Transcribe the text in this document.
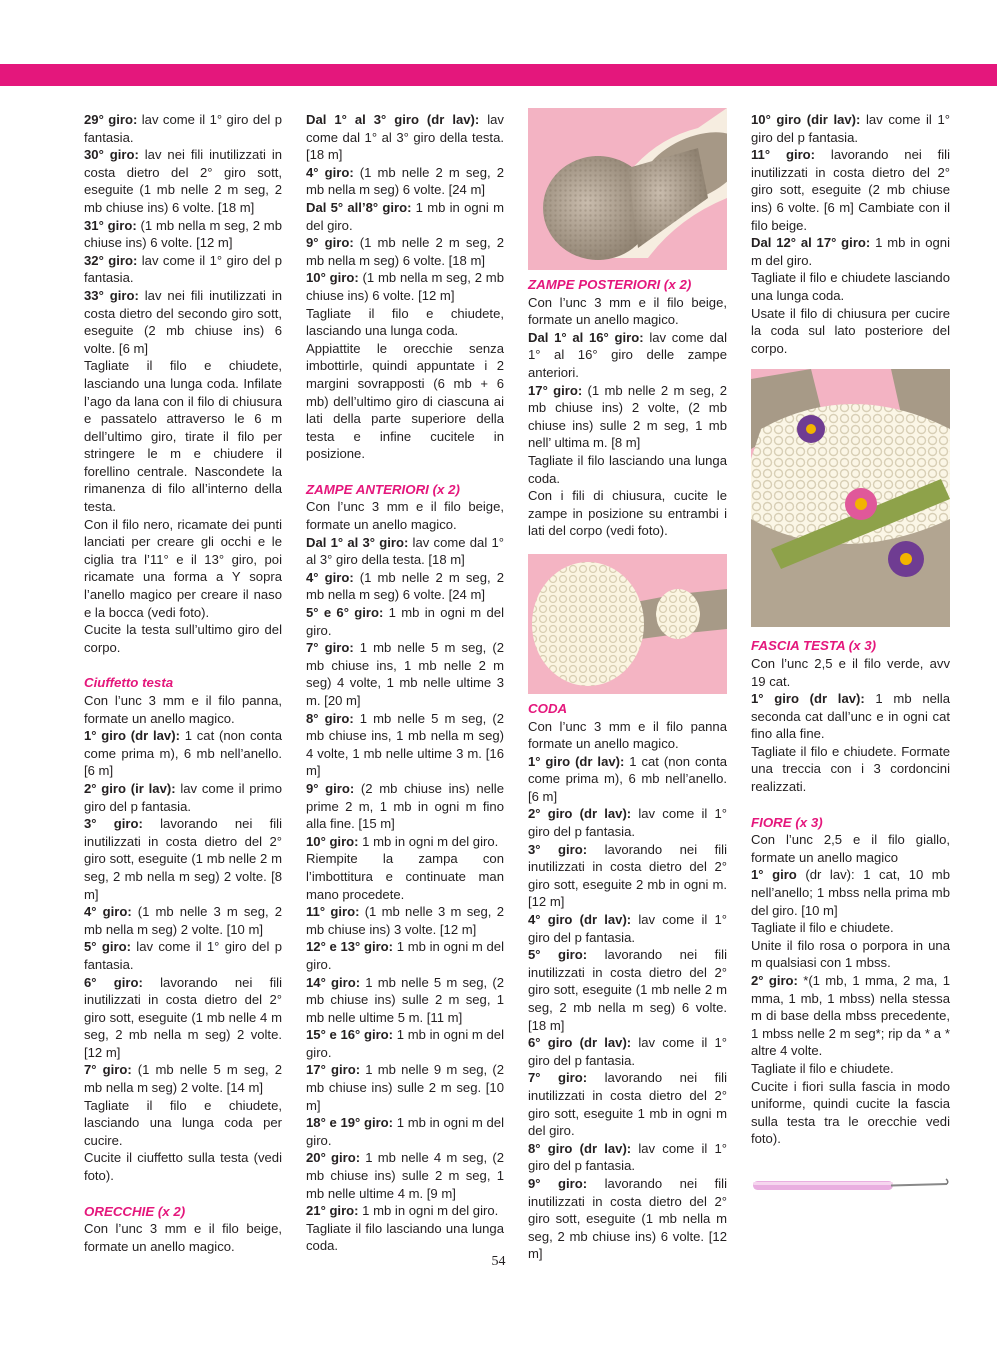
29° giro: lav come il 1° giro del p fantasia.

30° giro: lav nei fili inutilizzati in costa dietro del 2° giro sott, eseguite (1 mb nelle 2 m seg, 2 mb chiuse ins) 6 volte. [18 m]

31° giro: (1 mb nella m seg, 2 mb chiuse ins) 6 volte. [12 m]

32° giro: lav come il 1° giro del p fantasia.

33° giro: lav nei fili inutilizzati in costa dietro del secondo giro sott, eseguite (2 mb chiuse ins) 6 volte. [6 m]

Tagliate il filo e chiudete, lasciando una lunga coda. Infilate l’ago da lana con il filo di chiusura e passatelo attraverso le 6 m dell’ultimo giro, tirate il filo per stringere le m e chiudere il forellino centrale. Nascondete la rimanenza di filo all’interno della testa.

Con il filo nero, ricamate dei punti lanciati per creare gli occhi e le ciglia tra l’11° e il 13° giro, poi ricamate una forma a Y sopra l’anello magico per creare il naso e la bocca (vedi foto).

Cucite la testa sull’ultimo giro del corpo.

Ciuffetto testa

Con l’unc 3 mm e il filo panna, formate un anello magico.

1° giro (dr lav): 1 cat (non conta come prima m), 6 mb nell’anello. [6 m]

2° giro (ir lav): lav come il primo giro del p fantasia.

3° giro: lavorando nei fili inutilizzati in costa dietro del 2° giro sott, eseguite (1 mb nelle 2 m seg, 2 mb nella m seg) 2 volte. [8 m]

4° giro: (1 mb nelle 3 m seg, 2 mb nella m seg) 2 volte. [10 m]

5° giro: lav come il 1° giro del p fantasia.

6° giro: lavorando nei fili inutilizzati in costa dietro del 2° giro sott, eseguite (1 mb nelle 4 m seg, 2 mb nella m seg) 2 volte. [12 m]

7° giro: (1 mb nelle 5 m seg, 2 mb nella m seg) 2 volte. [14 m]

Tagliate il filo e chiudete, lasciando una lunga coda per cucire.

Cucite il ciuffetto sulla testa (vedi foto).

ORECCHIE (x 2)

Con l’unc 3 mm e il filo beige, formate un anello magico.

Dal 1° al 3° giro (dr lav): lav come dal 1° al 3° giro della testa. [18 m]

4° giro: (1 mb nelle 2 m seg, 2 mb nella m seg) 6 volte. [24 m]

Dal 5° all’8° giro: 1 mb in ogni m del giro.

9° giro: (1 mb nelle 2 m seg, 2 mb nella m seg) 6 volte. [18 m]

10° giro: (1 mb nella m seg, 2 mb chiuse ins) 6 volte. [12 m]

Tagliate il filo e chiudete, lasciando una lunga coda.

Appiattite le orecchie senza imbottirle, quindi appuntate i 2 margini sovrapposti (6 mb + 6 mb) dell’ultimo giro di ciascuna ai lati della parte superiore della testa e infine cucitele in posizione.

ZAMPE ANTERIORI (x 2)

Con l’unc 3 mm e il filo beige, formate un anello magico.

Dal 1° al 3° giro: lav come dal 1° al 3° giro della testa. [18 m]

4° giro: (1 mb nelle 2 m seg, 2 mb nella m seg) 6 volte. [24 m]

5° e 6° giro: 1 mb in ogni m del giro.

7° giro: 1 mb nelle 5 m seg, (2 mb chiuse ins, 1 mb nelle 2 m seg) 4 volte, 1 mb nelle ultime 3 m. [20 m]

8° giro: 1 mb nelle 5 m seg, (2 mb chiuse ins, 1 mb nella m seg) 4 volte, 1 mb nelle ultime 3 m. [16 m]

9° giro: (2 mb chiuse ins) nelle prime 2 m, 1 mb in ogni m fino alla fine. [15 m]

10° giro: 1 mb in ogni m del giro.

Riempite la zampa con l’imbottitura e continuate man mano procedete.

11° giro: (1 mb nelle 3 m seg, 2 mb chiuse ins) 3 volte. [12 m]

12° e 13° giro: 1 mb in ogni m del giro.

14° giro: 1 mb nelle 5 m seg, (2 mb chiuse ins) sulle 2 m seg, 1 mb nelle ultime 5 m. [11 m]

15° e 16° giro: 1 mb in ogni m del giro.

17° giro: 1 mb nelle 9 m seg, (2 mb chiuse ins) sulle 2 m seg. [10 m]

18° e 19° giro: 1 mb in ogni m del giro.

20° giro: 1 mb nelle 4 m seg, (2 mb chiuse ins) sulle 2 m seg, 1 mb nelle ultime 4 m. [9 m]

21° giro: 1 mb in ogni m del giro.

Tagliate il filo lasciando una lunga coda.

ZAMPE POSTERIORI (x 2)

Con l’unc 3 mm e il filo beige, formate un anello magico.

Dal 1° al 16° giro: lav come dal 1° al 16° giro delle zampe anteriori.

17° giro: (1 mb nelle 2 m seg, 2 mb chiuse ins) 2 volte, (2 mb chiuse ins) sulle 2 m seg, 1 mb nell’ ultima m. [8 m]

Tagliate il filo lasciando una lunga coda.

Con i fili di chiusura, cucite le zampe in posizione su entrambi i lati del corpo (vedi foto).

CODA

Con l’unc 3 mm e il filo panna formate un anello magico.

1° giro (dr lav): 1 cat (non conta come prima m), 6 mb nell’anello. [6 m]

2° giro (dr lav): lav come il 1° giro del p fantasia.

3° giro: lavorando nei fili inutilizzati in costa dietro del 2° giro sott, eseguite 2 mb in ogni m. [12 m]

4° giro (dr lav): lav come il 1° giro del p fantasia.

5° giro: lavorando nei fili inutilizzati in costa dietro del 2° giro sott, eseguite (1 mb nelle 2 m seg, 2 mb nella m seg) 6 volte. [18 m]

6° giro (dr lav): lav come il 1° giro del p fantasia.

7° giro: lavorando nei fili inutilizzati in costa dietro del 2° giro sott, eseguite 1 mb in ogni m del giro.

8° giro (dr lav): lav come il 1° giro del p fantasia.

9° giro: lavorando nei fili inutilizzati in costa dietro del 2° giro sott, eseguite (1 mb nella m seg, 2 mb chiuse ins) 6 volte. [12 m]

10° giro (dir lav): lav come il 1° giro del p fantasia.

11° giro: lavorando nei fili inutilizzati in costa dietro del 2° giro sott, eseguite (2 mb chiuse ins) 6 volte. [6 m] Cambiate con il filo beige.

Dal 12° al 17° giro: 1 mb in ogni m del giro.

Tagliate il filo e chiudete lasciando una lunga coda.

Usate il filo di chiusura per cucire la coda sul lato posteriore del corpo.

FASCIA TESTA (x 3)

Con l’unc 2,5 e il filo verde, avv 19 cat.

1° giro (dr lav): 1 mb nella seconda cat dall’unc e in ogni cat fino alla fine.

Tagliate il filo e chiudete. Formate una treccia con i 3 cordoncini realizzati.

FIORE (x 3)

Con l’unc 2,5 e il filo giallo, formate un anello magico

1° giro (dr lav): 1 cat, 10 mb nell’anello; 1 mbss nella prima mb del giro. [10 m]

Tagliate il filo e chiudete.

Unite il filo rosa o porpora in una m qualsiasi con 1 mbss.

2° giro: *(1 mb, 1 mma, 2 ma, 1 mma, 1 mb, 1 mbss) nella stessa m di base della mbss precedente, 1 mbss nelle 2 m seg*; rip da * a * altre 4 volte.

Tagliate il filo e chiudete.

Cucite i fiori sulla fascia in modo uniforme, quindi cucite la fascia sulla testa tra le orecchie vedi foto).

54
